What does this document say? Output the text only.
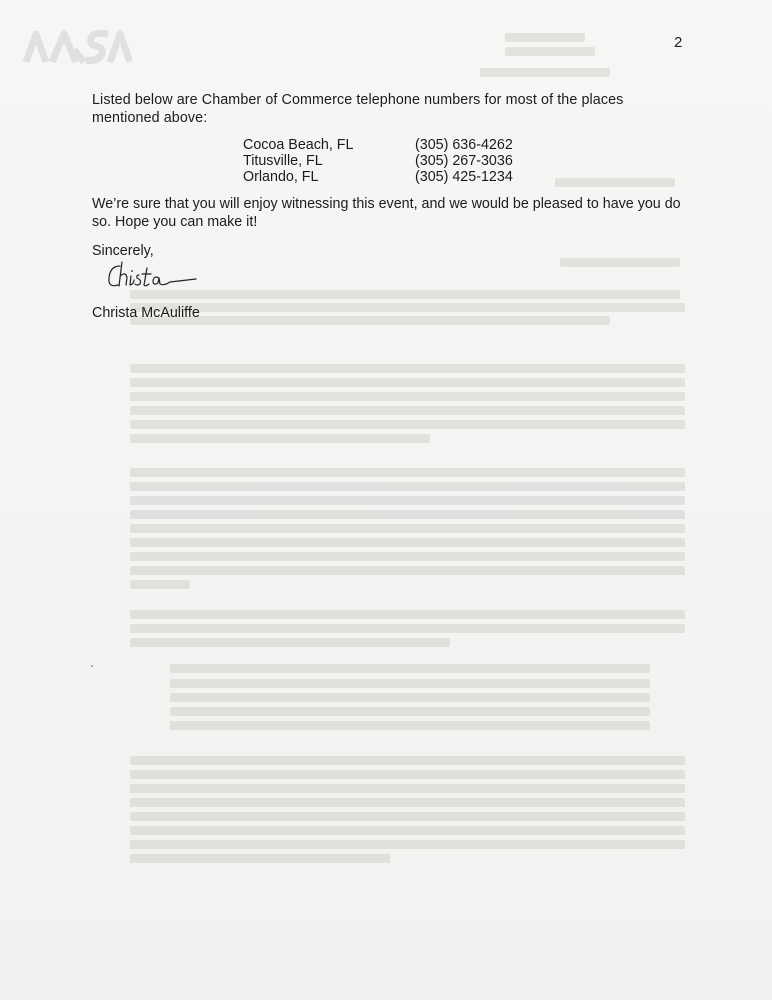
2
Listed below are Chamber of Commerce telephone numbers for most of the places mentioned above:
Cocoa Beach, FL	(305) 636-4262
Titusville, FL	(305) 267-3036
Orlando, FL	(305) 425-1234
We’re sure that you will enjoy witnessing this event, and we would be pleased to have you do so. Hope you can make it!
Sincerely,
Christa McAuliffe
